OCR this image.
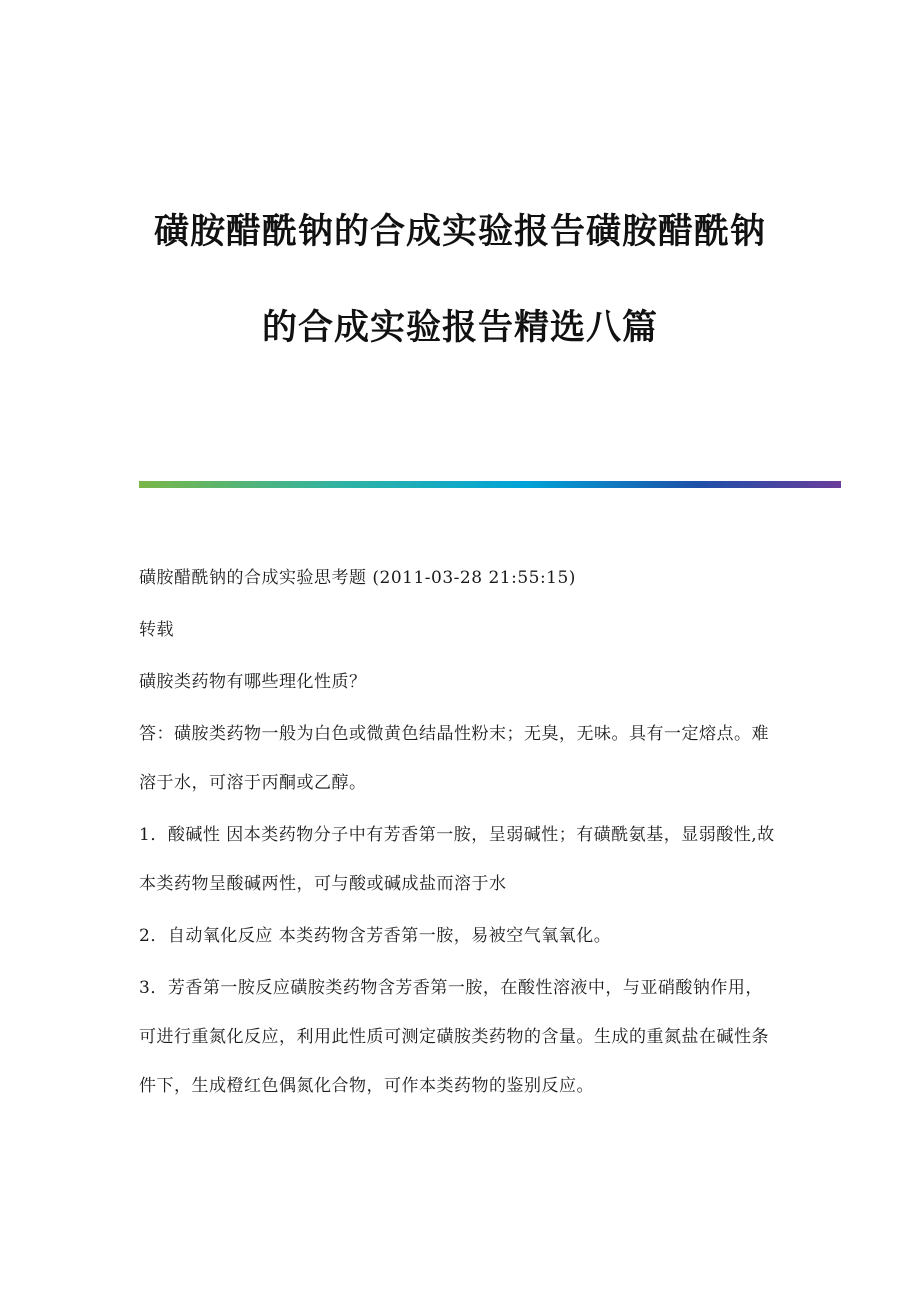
磺胺醋酰钠的合成实验报告磺胺醋酰钠
的合成实验报告精选八篇

磺胺醋酰钠的合成实验思考题 (2011-03-28 21:55:15)

转载

磺胺类药物有哪些理化性质？

答：磺胺类药物一般为白色或微黄色结晶性粉末；无臭，无味。具有一定熔点。难溶于水，可溶于丙酮或乙醇。

1．酸碱性 因本类药物分子中有芳香第一胺，呈弱碱性；有磺酰氨基，显弱酸性,故本类药物呈酸碱两性，可与酸或碱成盐而溶于水

2．自动氧化反应 本类药物含芳香第一胺，易被空气氧氧化。

3．芳香第一胺反应磺胺类药物含芳香第一胺，在酸性溶液中，与亚硝酸钠作用，可进行重氮化反应，利用此性质可测定磺胺类药物的含量。生成的重氮盐在碱性条件下，生成橙红色偶氮化合物，可作本类药物的鉴别反应。
